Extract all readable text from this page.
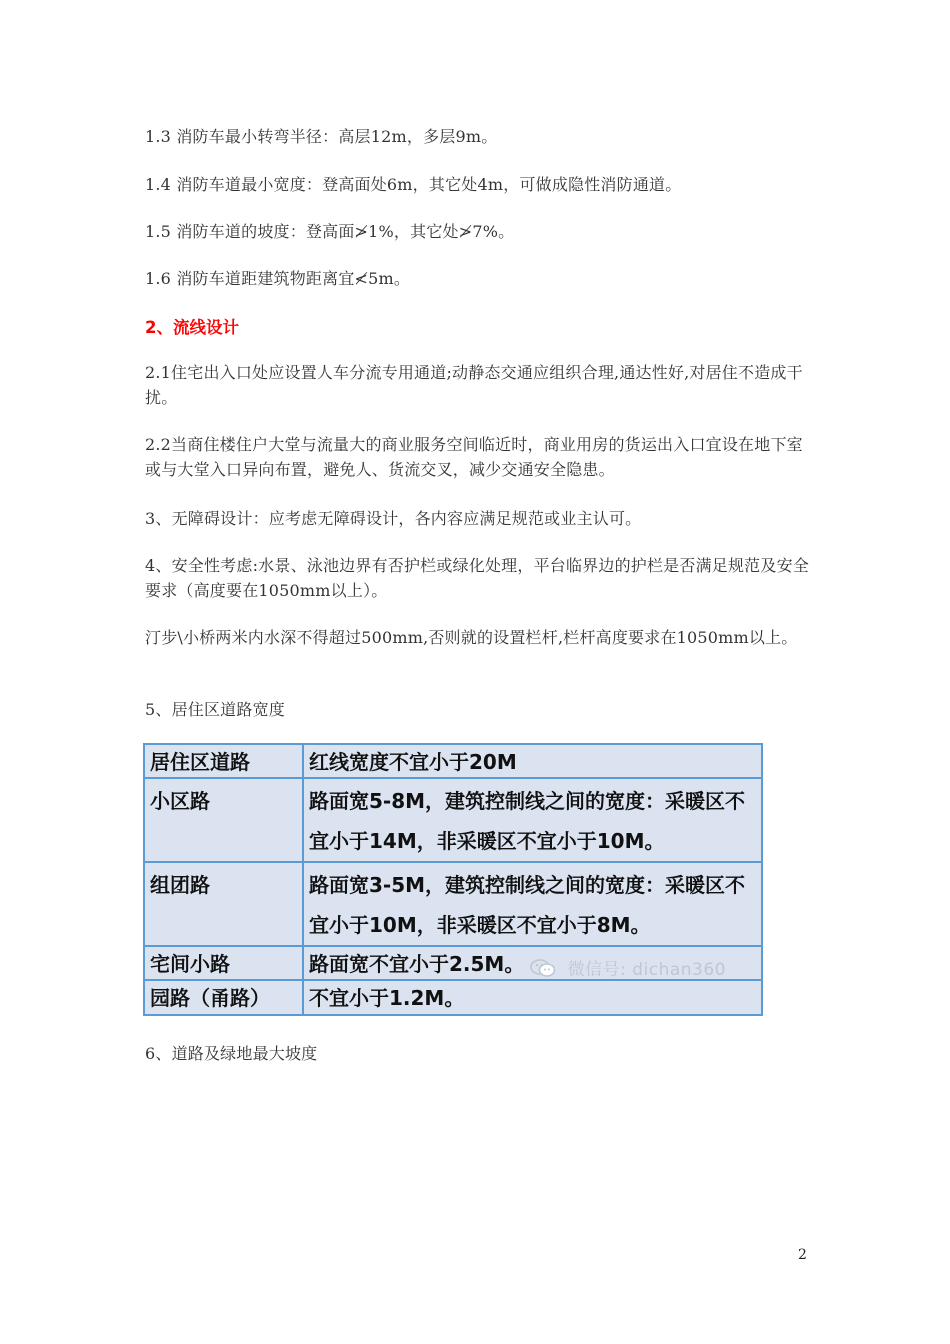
1.3 消防车最小转弯半径：高层12m，多层9m。

1.4 消防车道最小宽度：登高面处6m，其它处4m，可做成隐性消防通道。

1.5 消防车道的坡度：登高面≯1%，其它处≯7%。

1.6 消防车道距建筑物距离宜≮5m。

2、流线设计

2.1住宅出入口处应设置人车分流专用通道;动静态交通应组织合理,通达性好,对居住不造成干扰。

2.2当商住楼住户大堂与流量大的商业服务空间临近时，商业用房的货运出入口宜设在地下室或与大堂入口异向布置，避免人、货流交叉，减少交通安全隐患。

3、无障碍设计：应考虑无障碍设计，各内容应满足规范或业主认可。

4、安全性考虑:水景、泳池边界有否护栏或绿化处理，平台临界边的护栏是否满足规范及安全要求（高度要在1050mm以上）。

汀步\小桥两米内水深不得超过500mm,否则就的设置栏杆,栏杆高度要求在1050mm以上。

5、居住区道路宽度

居住区道路	红线宽度不宜小于20M
小区路	路面宽5-8M，建筑控制线之间的宽度：采暖区不宜小于14M，非采暖区不宜小于10M。
组团路	路面宽3-5M，建筑控制线之间的宽度：采暖区不宜小于10M，非采暖区不宜小于8M。
宅间小路	路面宽不宜小于2.5M。
园路（甬路）	不宜小于1.2M。
微信号: dichan360

6、道路及绿地最大坡度

2
